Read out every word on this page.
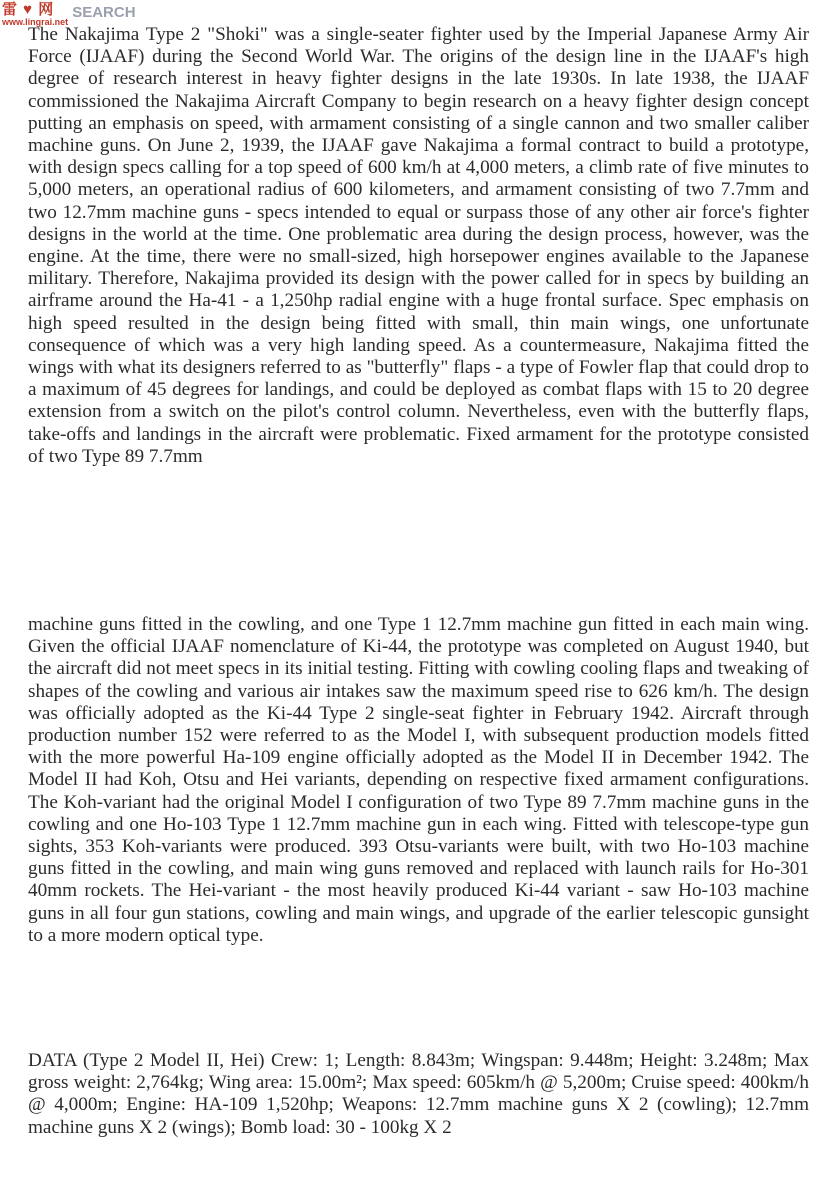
雷 ♥ 网
www.lingrai.net
SEARCH

The Nakajima Type 2 "Shoki" was a single-seater fighter used by the Imperial Japanese Army Air Force (IJAAF) during the Second World War. The origins of the design line in the IJAAF's high degree of research interest in heavy fighter designs in the late 1930s. In late 1938, the IJAAF commissioned the Nakajima Aircraft Company to begin research on a heavy fighter design concept putting an emphasis on speed, with armament consisting of a single cannon and two smaller caliber machine guns. On June 2, 1939, the IJAAF gave Nakajima a formal contract to build a prototype, with design specs calling for a top speed of 600 km/h at 4,000 meters, a climb rate of five minutes to 5,000 meters, an operational radius of 600 kilometers, and armament consisting of two 7.7mm and two 12.7mm machine guns - specs intended to equal or surpass those of any other air force's fighter designs in the world at the time. One problematic area during the design process, however, was the engine. At the time, there were no small-sized, high horsepower engines available to the Japanese military. Therefore, Nakajima provided its design with the power called for in specs by building an airframe around the Ha-41 - a 1,250hp radial engine with a huge frontal surface. Spec emphasis on high speed resulted in the design being fitted with small, thin main wings, one unfortunate consequence of which was a very high landing speed. As a countermeasure, Nakajima fitted the wings with what its designers referred to as "butterfly" flaps - a type of Fowler flap that could drop to a maximum of 45 degrees for landings, and could be deployed as combat flaps with 15 to 20 degree extension from a switch on the pilot's control column. Nevertheless, even with the butterfly flaps, take-offs and landings in the aircraft were problematic. Fixed armament for the prototype consisted of two Type 89 7.7mm

machine guns fitted in the cowling, and one Type 1 12.7mm machine gun fitted in each main wing. Given the official IJAAF nomenclature of Ki-44, the prototype was completed on August 1940, but the aircraft did not meet specs in its initial testing. Fitting with cowling cooling flaps and tweaking of shapes of the cowling and various air intakes saw the maximum speed rise to 626 km/h. The design was officially adopted as the Ki-44 Type 2 single-seat fighter in February 1942. Aircraft through production number 152 were referred to as the Model I, with subsequent production models fitted with the more powerful Ha-109 engine officially adopted as the Model II in December 1942. The Model II had Koh, Otsu and Hei variants, depending on respective fixed armament configurations. The Koh-variant had the original Model I configuration of two Type 89 7.7mm machine guns in the cowling and one Ho-103 Type 1 12.7mm machine gun in each wing. Fitted with telescope-type gun sights, 353 Koh-variants were produced. 393 Otsu-variants were built, with two Ho-103 machine guns fitted in the cowling, and main wing guns removed and replaced with launch rails for Ho-301 40mm rockets. The Hei-variant - the most heavily produced Ki-44 variant - saw Ho-103 machine guns in all four gun stations, cowling and main wings, and upgrade of the earlier telescopic gunsight to a more modern optical type.

DATA (Type 2 Model II, Hei) Crew: 1; Length: 8.843m; Wingspan: 9.448m; Height: 3.248m; Max gross weight: 2,764kg; Wing area: 15.00m²; Max speed: 605km/h @ 5,200m; Cruise speed: 400km/h @ 4,000m; Engine: HA-109 1,520hp; Weapons: 12.7mm machine guns X 2 (cowling); 12.7mm machine guns X 2 (wings); Bomb load: 30 - 100kg X 2
